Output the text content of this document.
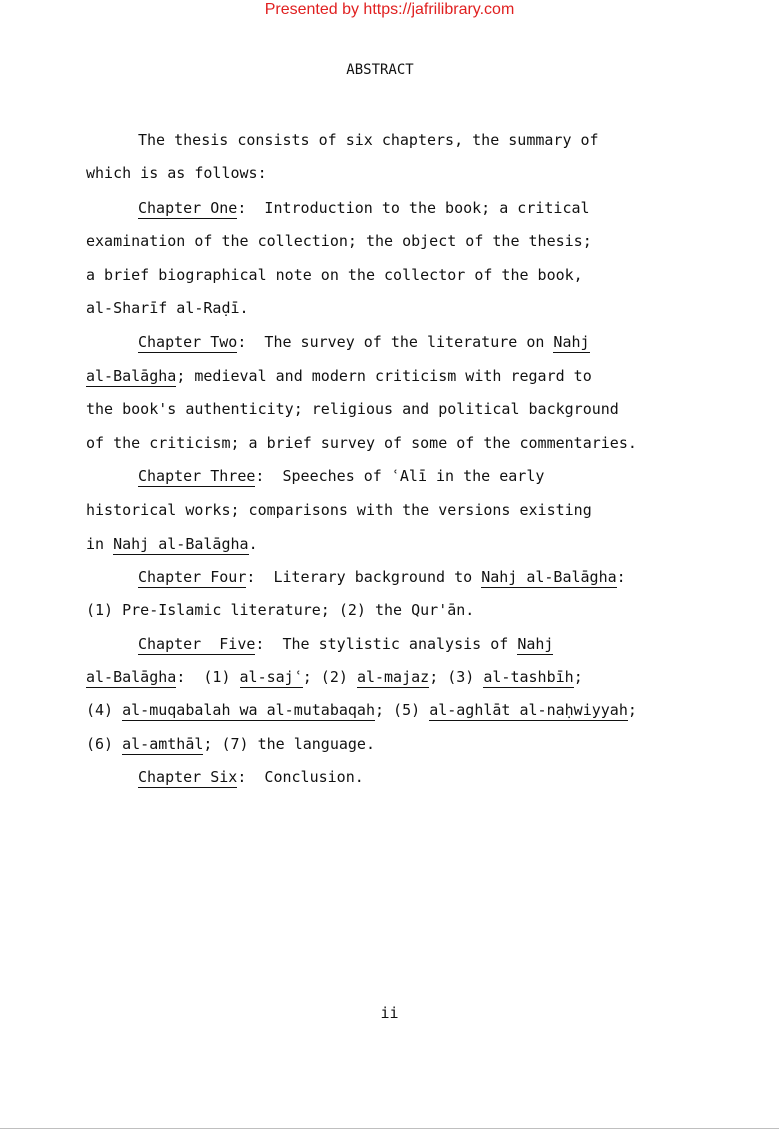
Presented by https://jafrilibrary.com
ABSTRACT
The thesis consists of six chapters, the summary of
which is as follows:
Chapter One:  Introduction to the book; a critical
examination of the collection; the object of the thesis;
a brief biographical note on the collector of the book,
al-Sharīf al-Raḍī.
Chapter Two:  The survey of the literature on Nahj
al-Balāgha; medieval and modern criticism with regard to
the book's authenticity; religious and political background
of the criticism; a brief survey of some of the commentaries.
Chapter Three:  Speeches of ʿAlī in the early
historical works; comparisons with the versions existing
in Nahj al-Balāgha.
Chapter Four:  Literary background to Nahj al-Balāgha:
(1) Pre-Islamic literature; (2) the Qur'ān.
Chapter  Five:  The stylistic analysis of Nahj
al-Balāgha:  (1) al-sajʿ; (2) al-majaz; (3) al-tashbīh;
(4) al-muqabalah wa al-mutabaqah; (5) al-aghlāt al-naḥwiyyah;
(6) al-amthāl; (7) the language.
Chapter Six:  Conclusion.
ii
